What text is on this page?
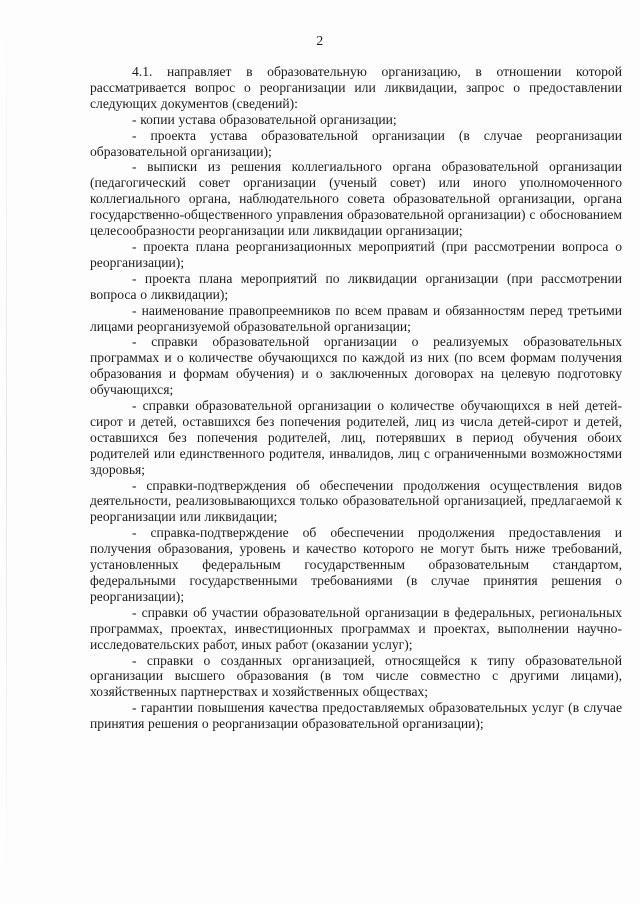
2

4.1. направляет в образовательную организацию, в отношении которой рассматривается вопрос о реорганизации или ликвидации, запрос о предоставлении следующих документов (сведений):

- копии устава образовательной организации;

- проекта устава образовательной организации (в случае реорганизации образовательной организации);

- выписки из решения коллегиального органа образовательной организации (педагогический совет организации (ученый совет) или иного уполномоченного коллегиального органа, наблюдательного совета образовательной организации, органа государственно-общественного управления образовательной организации) с обоснованием целесообразности реорганизации или ликвидации организации;

- проекта плана реорганизационных мероприятий (при рассмотрении вопроса о реорганизации);

- проекта плана мероприятий по ликвидации организации (при рассмотрении вопроса о ликвидации);

- наименование правопреемников по всем правам и обязанностям перед третьими лицами реорганизуемой образовательной организации;

- справки образовательной организации о реализуемых образовательных программах и о количестве обучающихся по каждой из них (по всем формам получения образования и формам обучения) и о заключенных договорах на целевую подготовку обучающихся;

- справки образовательной организации о количестве обучающихся в ней детей-сирот и детей, оставшихся без попечения родителей, лиц из числа детей-сирот и детей, оставшихся без попечения родителей, лиц, потерявших в период обучения обоих родителей или единственного родителя, инвалидов, лиц с ограниченными возможностями здоровья;

- справки-подтверждения об обеспечении продолжения осуществления видов деятельности, реализовывающихся только образовательной организацией, предлагаемой к реорганизации или ликвидации;

- справка-подтверждение об обеспечении продолжения предоставления и получения образования, уровень и качество которого не могут быть ниже требований, установленных федеральным государственным образовательным стандартом, федеральными государственными требованиями (в случае принятия решения о реорганизации);

- справки об участии образовательной организации в федеральных, региональных программах, проектах, инвестиционных программах и проектах, выполнении научно-исследовательских работ, иных работ (оказании услуг);

- справки о созданных организацией, относящейся к типу образовательной организации высшего образования (в том числе совместно с другими лицами), хозяйственных партнерствах и хозяйственных обществах;

- гарантии повышения качества предоставляемых образовательных услуг (в случае принятия решения о реорганизации образовательной организации);
